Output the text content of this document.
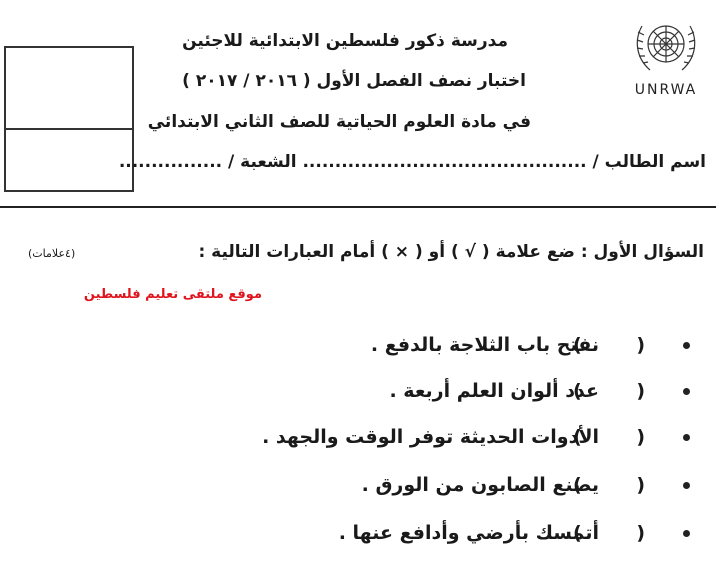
UNRWA
مدرسة ذكور فلسطين الابتدائية للاجئين
اختبار نصف الفصل الأول ( ٢٠١٦ / ٢٠١٧ )
في مادة العلوم الحياتية للصف الثاني الابتدائي
اسم الطالب / ............................................ الشعبة / ................
السؤال الأول : ضع علامة ( √ ) أو ( × ) أمام العبارات التالية :
(٤علامات)
موقع ملتقى تعليم فلسطين
( )
نفتح باب الثلاجة بالدفع .
( )
عدد ألوان العلم أربعة .
( )
الأدوات الحديثة توفر الوقت والجهد .
( )
يصنع الصابون من الورق .
( )
أتمسك بأرضي وأدافع عنها .
